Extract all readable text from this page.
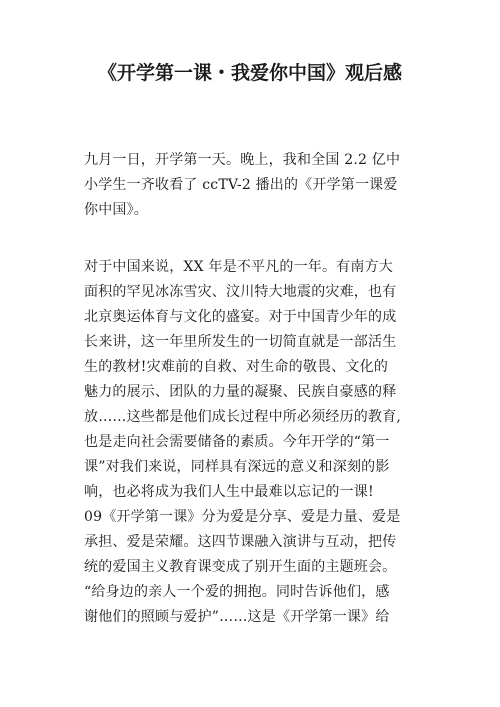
《开学第一课・我爱你中国》观后感
九月一日，开学第一天。晚上，我和全国 2.2 亿中
小学生一齐收看了 ccTV-2 播出的《开学第一课爱
你中国》。
对于中国来说，XX 年是不平凡的一年。有南方大
面积的罕见冰冻雪灾、汶川特大地震的灾难，也有
北京奥运体育与文化的盛宴。对于中国青少年的成
长来讲，这一年里所发生的一切简直就是一部活生
生的教材!灾难前的自救、对生命的敬畏、文化的
魅力的展示、团队的力量的凝聚、民族自豪感的释
放……这些都是他们成长过程中所必须经历的教育,
也是走向社会需要储备的素质。今年开学的“第一
课”对我们来说，同样具有深远的意义和深刻的影
响，也必将成为我们人生中最难以忘记的一课!
09《开学第一课》分为爱是分享、爱是力量、爱是
承担、爱是荣耀。这四节课融入演讲与互动，把传
统的爱国主义教育课变成了别开生面的主题班会。
“给身边的亲人一个爱的拥抱。同时告诉他们，感
谢他们的照顾与爱护”……这是《开学第一课》给
